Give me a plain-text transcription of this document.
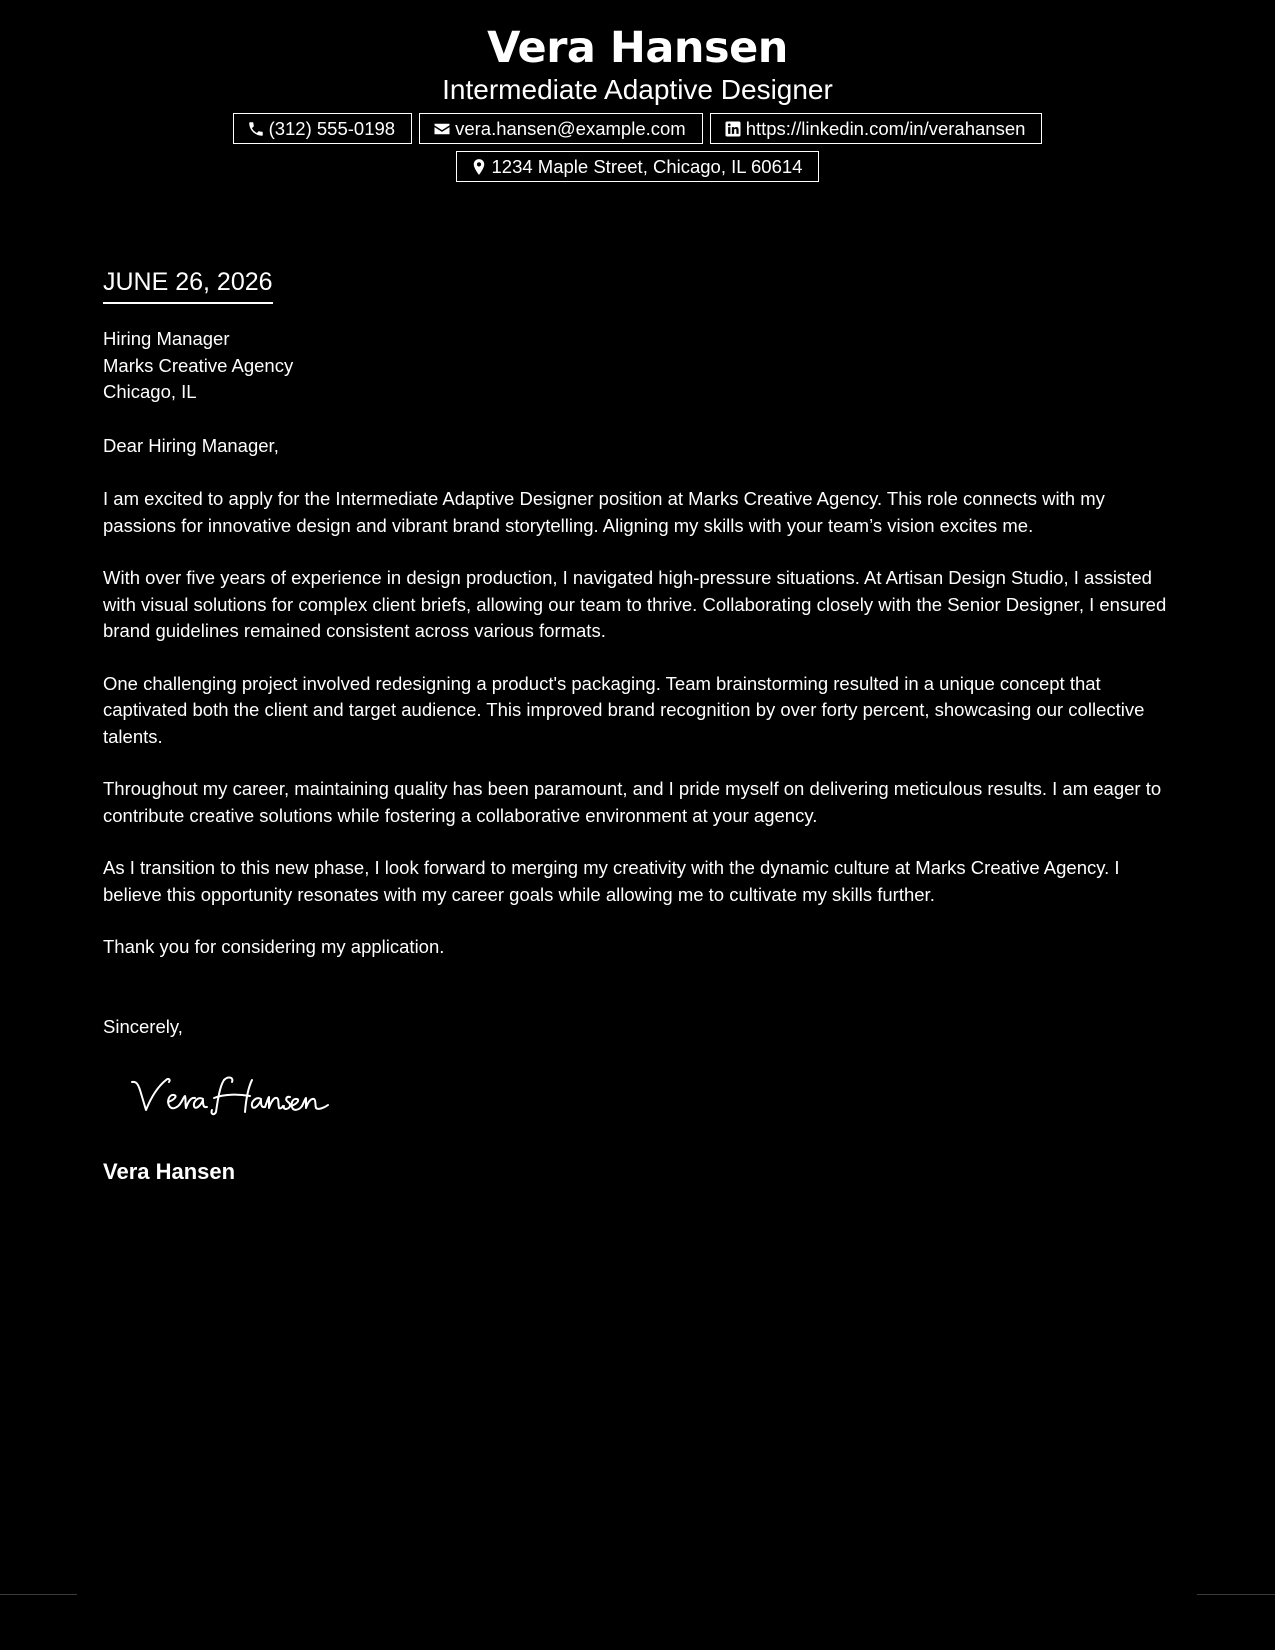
Vera Hansen
Intermediate Adaptive Designer
(312) 555-0198	vera.hansen@example.com	https://linkedin.com/in/verahansen
1234 Maple Street, Chicago, IL 60614
JUNE 26, 2026
Hiring Manager
Marks Creative Agency
Chicago, IL
Dear Hiring Manager,

I am excited to apply for the Intermediate Adaptive Designer position at Marks Creative Agency. This role connects with my passions for innovative design and vibrant brand storytelling. Aligning my skills with your team’s vision excites me.

With over five years of experience in design production, I navigated high-pressure situations. At Artisan Design Studio, I assisted with visual solutions for complex client briefs, allowing our team to thrive. Collaborating closely with the Senior Designer, I ensured brand guidelines remained consistent across various formats.

One challenging project involved redesigning a product's packaging. Team brainstorming resulted in a unique concept that captivated both the client and target audience. This improved brand recognition by over forty percent, showcasing our collective talents.

Throughout my career, maintaining quality has been paramount, and I pride myself on delivering meticulous results. I am eager to contribute creative solutions while fostering a collaborative environment at your agency.

As I transition to this new phase, I look forward to merging my creativity with the dynamic culture at Marks Creative Agency. I believe this opportunity resonates with my career goals while allowing me to cultivate my skills further.

Thank you for considering my application.

Sincerely,
Vera Hansen
